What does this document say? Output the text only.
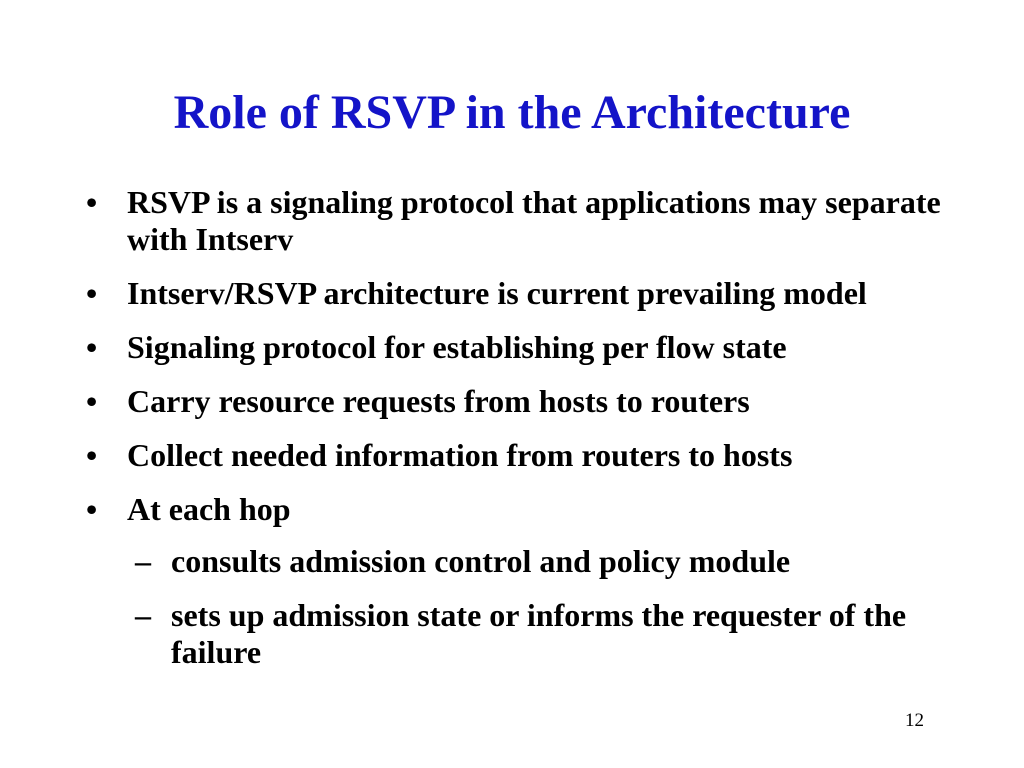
Role of RSVP in the Architecture
• RSVP is a signaling protocol that applications may separate with Intserv
• Intserv/RSVP architecture is current prevailing model
• Signaling protocol for establishing per flow state
• Carry resource requests from hosts to routers
• Collect needed information from routers to hosts
• At each hop
– consults admission control and policy module
– sets up admission state or informs the requester of the failure
12
